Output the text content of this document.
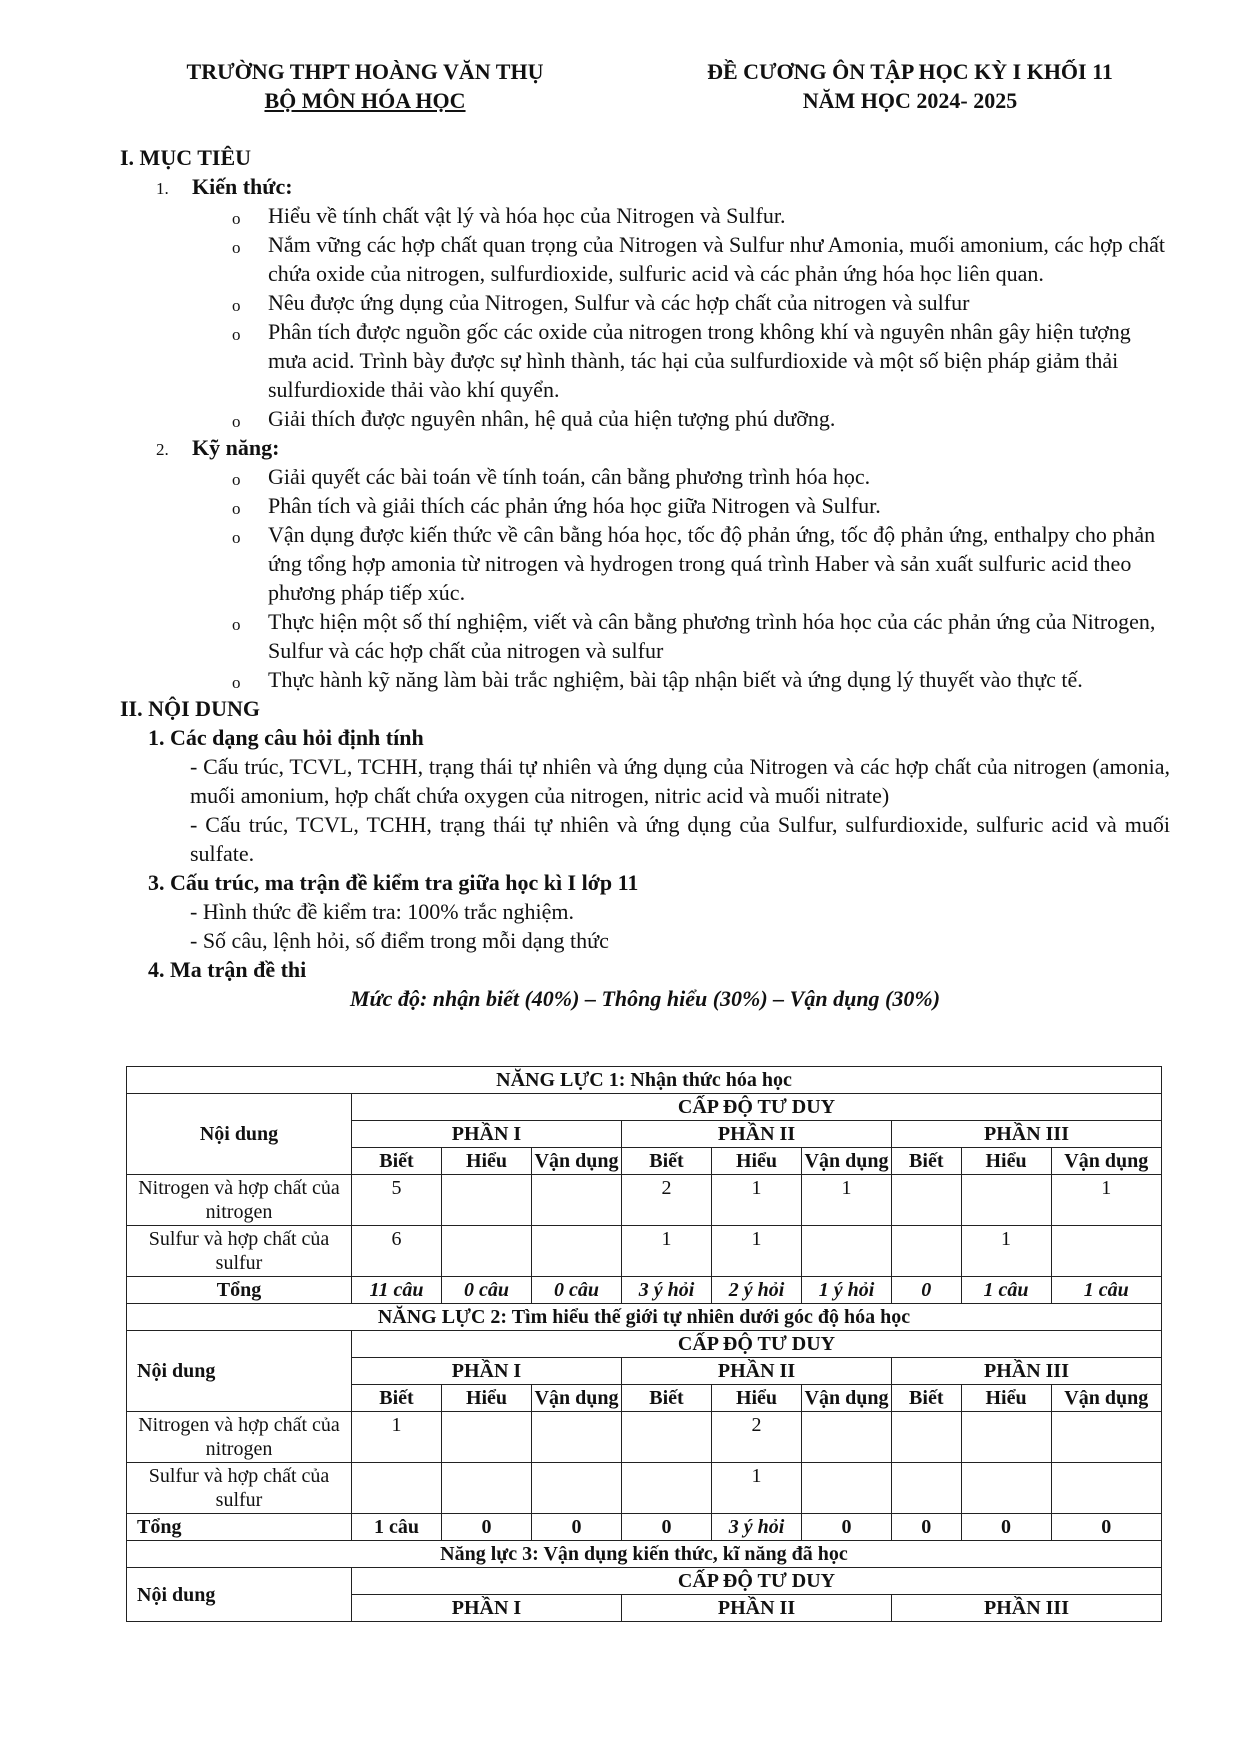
TRƯỜNG THPT HOÀNG VĂN THỤ
BỘ MÔN HÓA HỌC
ĐỀ CƯƠNG ÔN TẬP HỌC KỲ I KHỐI 11
NĂM HỌC 2024- 2025

I. MỤC TIÊU

1. Kiến thức:

o Hiểu về tính chất vật lý và hóa học của Nitrogen và Sulfur.
o Nắm vững các hợp chất quan trọng của Nitrogen và Sulfur như Amonia, muối amonium, các hợp chất chứa oxide của nitrogen, sulfurdioxide, sulfuric acid và các phản ứng hóa học liên quan.
o Nêu được ứng dụng của Nitrogen, Sulfur và các hợp chất của nitrogen và sulfur
o Phân tích được nguồn gốc các oxide của nitrogen trong không khí và nguyên nhân gây hiện tượng mưa acid. Trình bày được sự hình thành, tác hại của sulfurdioxide và một số biện pháp giảm thải sulfurdioxide thải vào khí quyển.
o Giải thích được nguyên nhân, hệ quả của hiện tượng phú dưỡng.

2. Kỹ năng:

o Giải quyết các bài toán về tính toán, cân bằng phương trình hóa học.
o Phân tích và giải thích các phản ứng hóa học giữa Nitrogen và Sulfur.
o Vận dụng được kiến thức về cân bằng hóa học, tốc độ phản ứng, tốc độ phản ứng, enthalpy cho phản ứng tổng hợp amonia từ nitrogen và hydrogen trong quá trình Haber và sản xuất sulfuric acid theo phương pháp tiếp xúc.
o Thực hiện một số thí nghiệm, viết và cân bằng phương trình hóa học của các phản ứng của Nitrogen, Sulfur và các hợp chất của nitrogen và sulfur
o Thực hành kỹ năng làm bài trắc nghiệm, bài tập nhận biết và ứng dụng lý thuyết vào thực tế.

II. NỘI DUNG

1. Các dạng câu hỏi định tính

- Cấu trúc, TCVL, TCHH, trạng thái tự nhiên và ứng dụng của Nitrogen và các hợp chất của nitrogen (amonia, muối amonium, hợp chất chứa oxygen của nitrogen, nitric acid và muối nitrate)

- Cấu trúc, TCVL, TCHH, trạng thái tự nhiên và ứng dụng của Sulfur, sulfurdioxide, sulfuric acid và muối sulfate.

3. Cấu trúc, ma trận đề kiểm tra giữa học kì I lớp 11

- Hình thức đề kiểm tra: 100% trắc nghiệm.

- Số câu, lệnh hỏi, số điểm trong mỗi dạng thức

4. Ma trận đề thi

Mức độ: nhận biết (40%) – Thông hiểu (30%) – Vận dụng (30%)

NĂNG LỰC 1: Nhận thức hóa học									
Nội dung	CẤP ĐỘ TƯ DUY								
	PHẦN I			PHẦN II			PHẦN III		
	Biết	Hiểu	Vận dụng	Biết	Hiểu	Vận dụng	Biết	Hiểu	Vận dụng
Nitrogen và hợp chất của nitrogen	5			2	1	1			1
Sulfur và hợp chất của sulfur	6			1	1			1	
Tổng	11 câu	0 câu	0 câu	3 ý hỏi	2 ý hỏi	1 ý hỏi	0	1 câu	1 câu
NĂNG LỰC 2: Tìm hiểu thế giới tự nhiên dưới góc độ hóa học									
Nội dung	CẤP ĐỘ TƯ DUY								
	PHẦN I			PHẦN II			PHẦN III		
	Biết	Hiểu	Vận dụng	Biết	Hiểu	Vận dụng	Biết	Hiểu	Vận dụng
Nitrogen và hợp chất của nitrogen	1				2				
Sulfur và hợp chất của sulfur					1				
Tổng	1 câu	0	0	0	3 ý hỏi	0	0	0	0
Năng lực 3: Vận dụng kiến thức, kĩ năng đã học									
Nội dung	CẤP ĐỘ TƯ DUY								
	PHẦN I			PHẦN II			PHẦN III		
